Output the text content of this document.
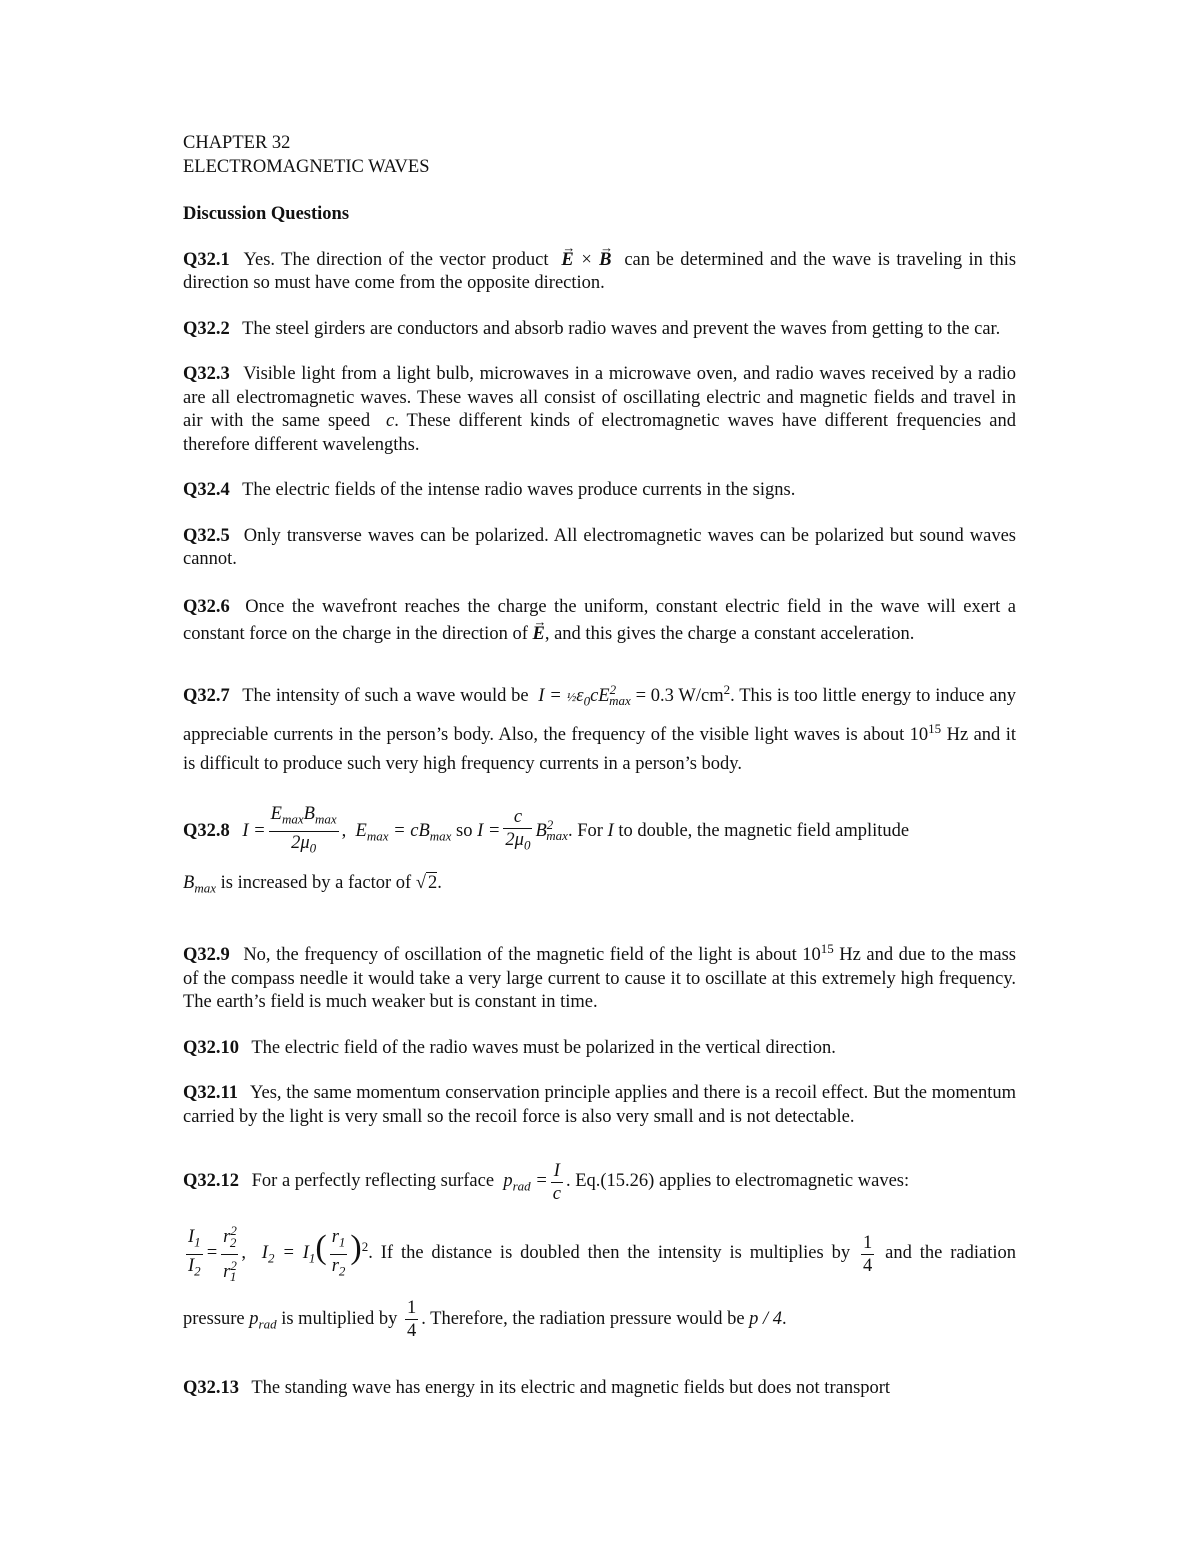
CHAPTER 32
ELECTROMAGNETIC WAVES
Discussion Questions

Q32.1 Yes. The direction of the vector product → E × → B can be determined and the wave is traveling in this direction so must have come from the opposite direction.

Q32.2 The steel girders are conductors and absorb radio waves and prevent the waves from getting to the car.

Q32.3 Visible light from a light bulb, microwaves in a microwave oven, and radio waves received by a radio are all electromagnetic waves. These waves all consist of oscillating electric and magnetic fields and travel in air with the same speed  c. These different kinds of electromagnetic waves have different frequencies and therefore different wavelengths.

Q32.4 The electric fields of the intense radio waves produce currents in the signs.

Q32.5 Only transverse waves can be polarized. All electromagnetic waves can be polarized but sound waves cannot.

Q32.6 Once the wavefront reaches the charge the uniform, constant electric field in the wave will exert a constant force on the charge in the direction of → E, and this gives the charge a constant acceleration.

Q32.7 The intensity of such a wave would be  $I = \frac{1}{2}\varepsilon_0cE^2_{max} = 0.3$ $W/cm^2$. This is too little energy to induce any appreciable currents in the person’s body. Also, the frequency of the visible light waves is about $10^{15}$ Hz and it is difficult to produce such very high frequency currents in a person’s body.

Q32.8 $I = \frac{E_{max}B_{max}}{2\mu_0}$ ,  $E_{max} = cB_{max}$ so $I = \frac{c}{2\mu_0} B^2_{max}$. For I to double, the magnetic field amplitude
$B_{max}$ is increased by a factor of √ 2.

Q32.9 No, the frequency of oscillation of the magnetic field of the light is about $10^{15}$ Hz and due to the mass of the compass needle it would take a very large current to cause it to oscillate at this extremely high frequency. The earth’s field is much weaker but is constant in time.

Q32.10 The electric field of the radio waves must be polarized in the vertical direction.

Q32.11 Yes, the same momentum conservation principle applies and there is a recoil effect. But the momentum carried by the light is very small so the recoil force is also very small and is not detectable.

Q32.12 For a perfectly reflecting surface  $p_{rad} = \frac{I}{c}$ . Eq.(15.26) applies to electromagnetic waves:

$\frac{I_1}{I_2} = \frac{r^2_2}{r^2_1}$ ,  $I_2 = I_1( \frac{r_1}{r_2} )^2$. If the distance is doubled then the intensity is multiplies by $\frac{1}{4}$ and the radiation pressure $p_{rad}$ is multiplied by $\frac{1}{4}$ . Therefore, the radiation pressure would be p / 4.

Q32.13 The standing wave has energy in its electric and magnetic fields but does not transport
